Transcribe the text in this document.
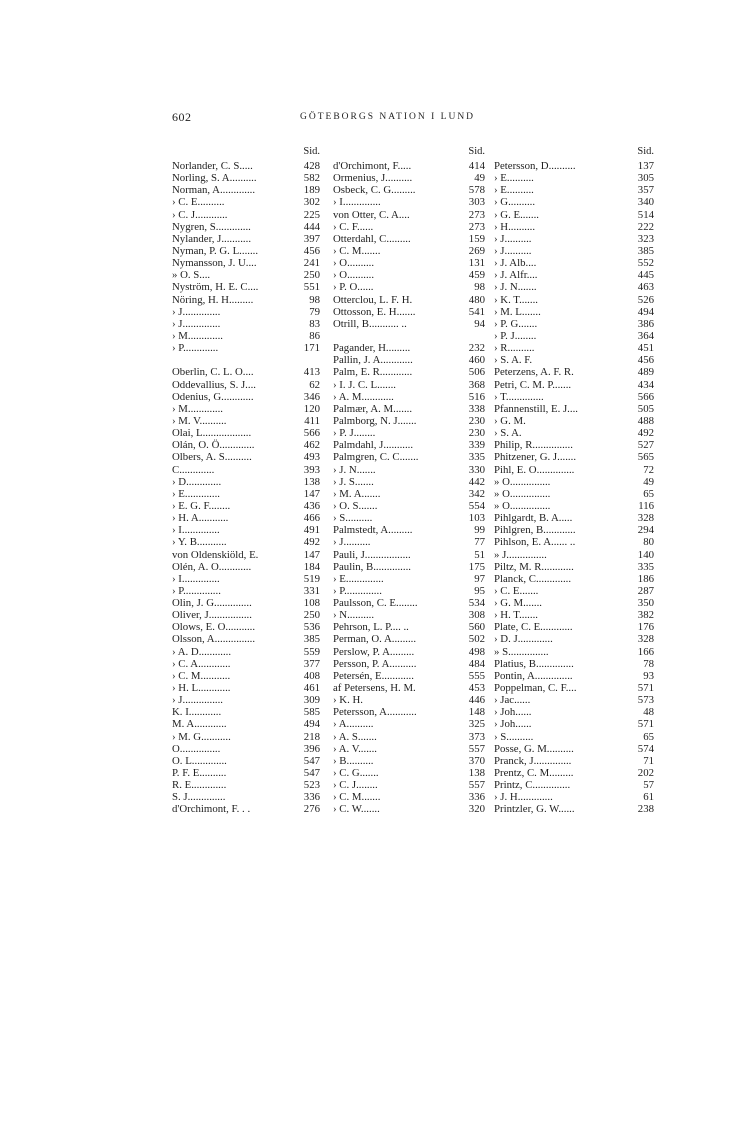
602	GÖTEBORGS NATION I LUND
Sid.
Norlander, C. S.....	428
Norling, S. A..........	582
Norman, A.............	189
› C. E..........	302
› C. J............	225
Nygren, S.............	444
Nylander, J...........	397
Nyman, P. G. L.......	456
Nymansson, J. U....	241
» O. S....	250
Nyström, H. E. C....	551
Nöring, H. H.........	98
› J..............	79
› J..............	83
› M.............	86
› P.............	171
Oberlin, C. L. O....	413
Oddevallius, S. J....	62
Odenius, G............	346
› M.............	120
› M. V..........	411
Olai, L..................	566
Olán, O. Ö.............	462
Olbers, A. S..........	493
C.............	393
› D.............	138
› E.............	147
› E. G. F........	436
› H. A...........	466
› I..............	491
› Y. B...........	492
von Oldenskiöld, E.	147
Olén, A. O............	184
› I..............	519
› P..............	331
Olin, J. G..............	108
Oliver, J................	250
Olows, E. O...........	536
Olsson, A...............	385
› A. D............	559
› C. A............	377
› C. M...........	408
› H. L............	461
› J...............	309
K. I............	585
M. A............	494
› M. G...........	218
O...............	396
O. L.............	547
P. F. E..........	547
R. E.............	523
S. J..............	336
d'Orchimont, F. . .	276
Sid.
d'Orchimont, F.....	414
Ormenius, J..........	49
Osbeck, C. G.........	578
› I..............	303
von Otter, C. A....	273
› C. F......	273
Otterdahl, C.........	159
› C. M.......	269
› O..........	131
› O..........	459
› P. O......	98
Otterclou, L. F. H.	480
Ottosson, E. H.......	541
Otrill, B........... ..	94
Pagander, H.........	232
Pallin, J. A............	460
Palm, E. R............	506
› I. J. C. L.......	368
› A. M............	516
Palmær, A. M.......	338
Palmborg, N. J.......	230
› P. J........	230
Palmdahl, J...........	339
Palmgren, C. C.......	335
› J. N.......	330
› J. S.......	442
› M. A.......	342
› O. S.......	554
› S..........	103
Palmstedt, A.........	99
› J..........	77
Pauli, J.................	51
Paulin, B..............	175
› E..............	97
› P..............	95
Paulsson, C. E........	534
› N..........	308
Pehrson, L. P.... ..	560
Perman, O. A.........	502
Perslow, P. A.........	498
Persson, P. A..........	484
Petersén, E............	555
af Petersens, H. M.	453
› K. H.	446
Petersson, A...........	148
› A..........	325
› A. S.......	373
› A. V.......	557
› B..........	370
› C. G.......	138
› C. J........	557
› C. M.......	336
› C. W.......	320
Sid.
Petersson, D..........	137
› E..........	305
› E..........	357
› G..........	340
› G. E.......	514
› H..........	222
› J..........	323
› J..........	385
› J. Alb....	552
› J. Alfr....	445
› J. N.......	463
› K. T.......	526
› M. L.......	494
› P. G.......	386
› P. J........	364
› R..........	451
› S. A. F.	456
Peterzens, A. F. R.	489
Petri, C. M. P.......	434
› T..............	566
Pfannenstill, E. J....	505
› G. M.	488
› S. A.	492
Philip, R...............	527
Phitzener, G. J.......	565
Pihl, E. O..............	72
» O...............	49
» O...............	65
» O...............	116
Pihlgardt, B. A.....	328
Pihlgren, B............	294
Pihlson, E. A...... ..	80
» J...............	140
Piltz, M. R............	335
Planck, C.............	186
› C. E.......	287
› G. M.......	350
› H. T.......	382
Plate, C. E............	176
› D. J.............	328
» S...............	166
Platius, B..............	78
Pontin, A..............	93
Poppelman, C. F....	571
› Jac......	573
› Joh......	48
› Joh......	571
› S..........	65
Posse, G. M..........	574
Pranck, J..............	71
Prentz, C. M.........	202
Printz, C..............	57
› J. H.............	61
Printzler, G. W......	238
